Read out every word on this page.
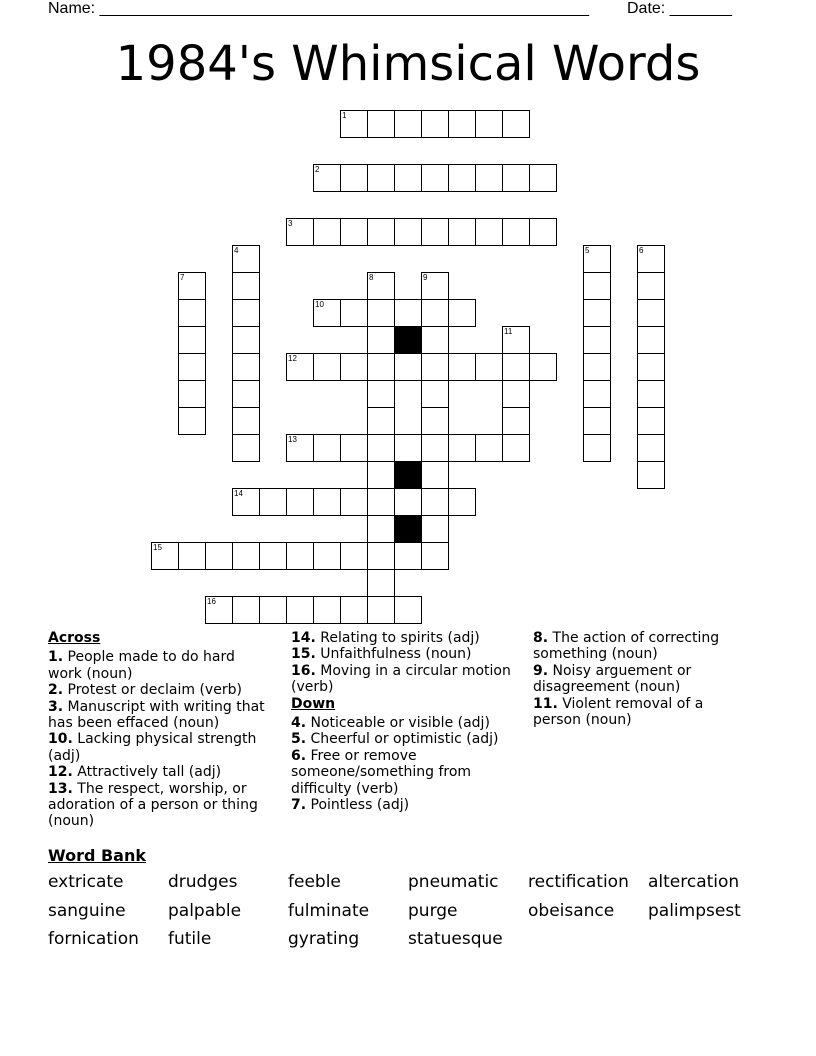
Name: _______________________________________________________ Date: _______
1984's Whimsical Words
1
2
3
4	5	6
7	8	9
10
11
12
13
14
15
16

Across

1. People made to do hard work (noun)

2. Protest or declaim (verb)

3. Manuscript with writing that has been effaced (noun)

10. Lacking physical strength (adj)

12. Attractively tall (adj)

13. The respect, worship, or adoration of a person or thing (noun)

14. Relating to spirits (adj)

15. Unfaithfulness (noun)

16. Moving in a circular motion (verb)

Down

4. Noticeable or visible (adj)

5. Cheerful or optimistic (adj)

6. Free or remove someone/something from difficulty (verb)

7. Pointless (adj)

8. The action of correcting something (noun)

9. Noisy arguement or disagreement (noun)

11. Violent removal of a person (noun)

Word Bank
extricate	drudges	feeble	pneumatic rectification altercation
sanguine palpable	fulminate purge	obeisance palimpsest
fornication futile	gyrating	statuesque
